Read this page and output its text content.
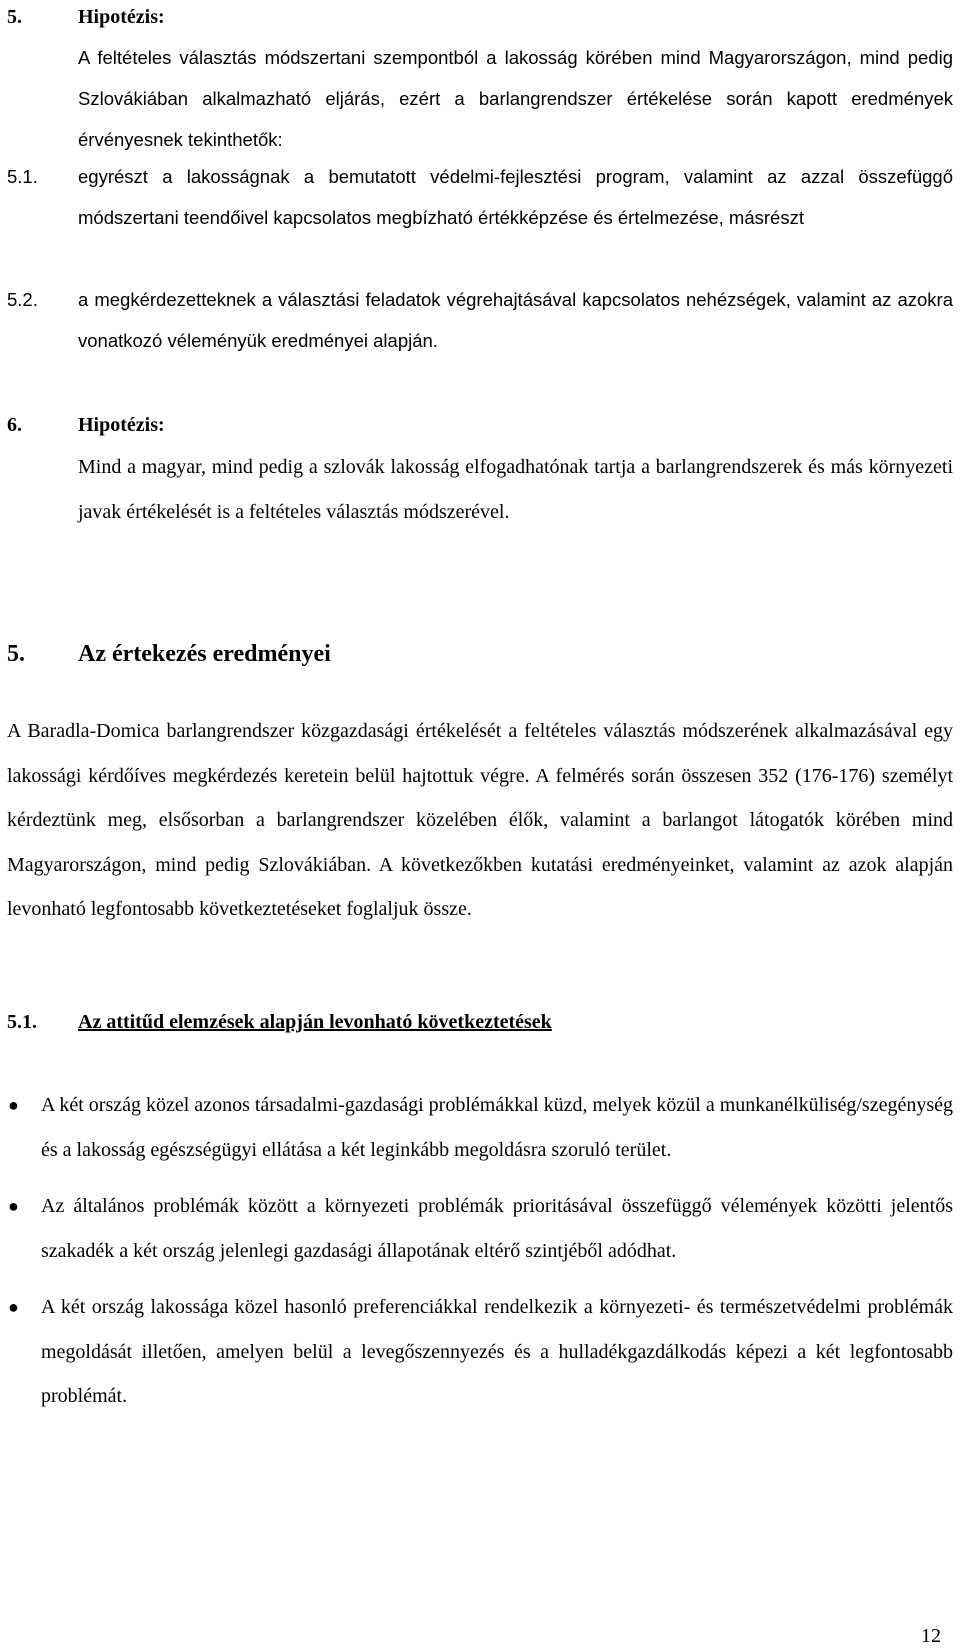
5.	Hipotézis:
A feltételes választás módszertani szempontból a lakosság körében mind Magyarországon, mind pedig Szlovákiában alkalmazható eljárás, ezért a barlangrendszer értékelése során kapott eredmények érvényesnek tekinthetők:
5.1.	egyrészt a lakosságnak a bemutatott védelmi-fejlesztési program, valamint az azzal összefüggő módszertani teendőivel kapcsolatos megbízható értékképzése és értelmezése, másrészt
5.2.	a megkérdezetteknek a választási feladatok végrehajtásával kapcsolatos nehézségek, valamint az azokra vonatkozó véleményük eredményei alapján.
6.	Hipotézis:
Mind a magyar, mind pedig a szlovák lakosság elfogadhatónak tartja a barlangrendszerek és más környezeti javak értékelését is a feltételes választás módszerével.
5.	Az értekezés eredményei
A Baradla-Domica barlangrendszer közgazdasági értékelését a feltételes választás módszerének alkalmazásával egy lakossági kérdőíves megkérdezés keretein belül hajtottuk végre. A felmérés során összesen 352 (176-176) személyt kérdeztünk meg, elsősorban a barlangrendszer közelében élők, valamint a barlangot látogatók körében mind Magyarországon, mind pedig Szlovákiában. A következőkben kutatási eredményeinket, valamint az azok alapján levonható legfontosabb következtetéseket foglaljuk össze.
5.1.	Az attitűd elemzések alapján levonható következtetések
●	A két ország közel azonos társadalmi-gazdasági problémákkal küzd, melyek közül a munkanélküliség/szegénység és a lakosság egészségügyi ellátása a két leginkább megoldásra szoruló terület.
●	Az általános problémák között a környezeti problémák prioritásával összefüggő vélemények közötti jelentős szakadék a két ország jelenlegi gazdasági állapotának eltérő szintjéből adódhat.
●	A két ország lakossága közel hasonló preferenciákkal rendelkezik a környezeti- és természetvédelmi problémák megoldását illetően, amelyen belül a levegőszennyezés és a hulladékgazdálkodás képezi a két legfontosabb problémát.
12
